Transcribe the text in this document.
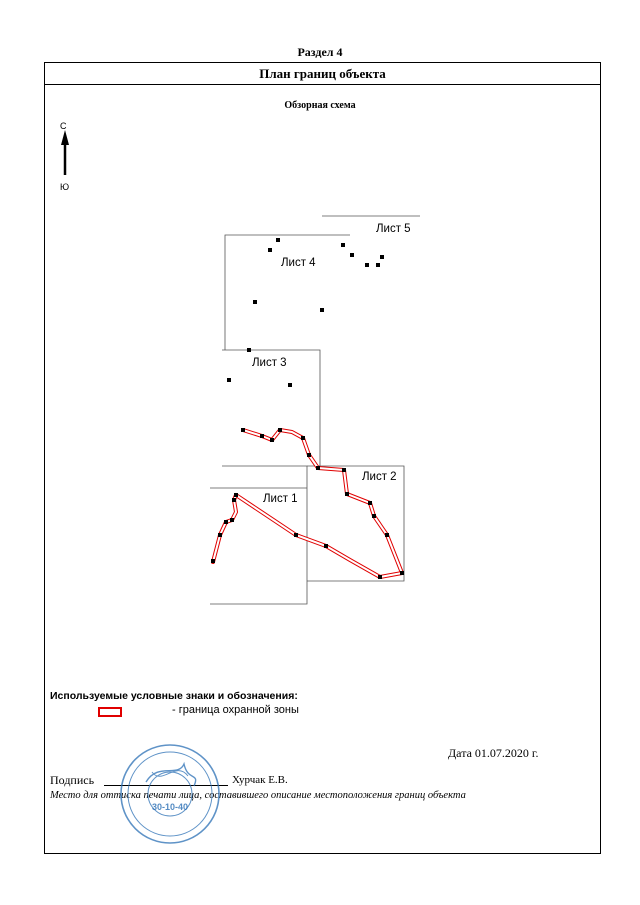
Раздел 4
План границ объекта
Обзорная схема
С
Ю
Лист 1
Лист 2
Лист 3
Лист 4
Лист 5
Используемые условные знаки и обозначения:
- граница охранной зоны
Дата 01.07.2020 г.
Подпись	Хурчак Е.В.
Место для оттиска печати лица, составившего описание местоположения границ объекта
30-10-40
